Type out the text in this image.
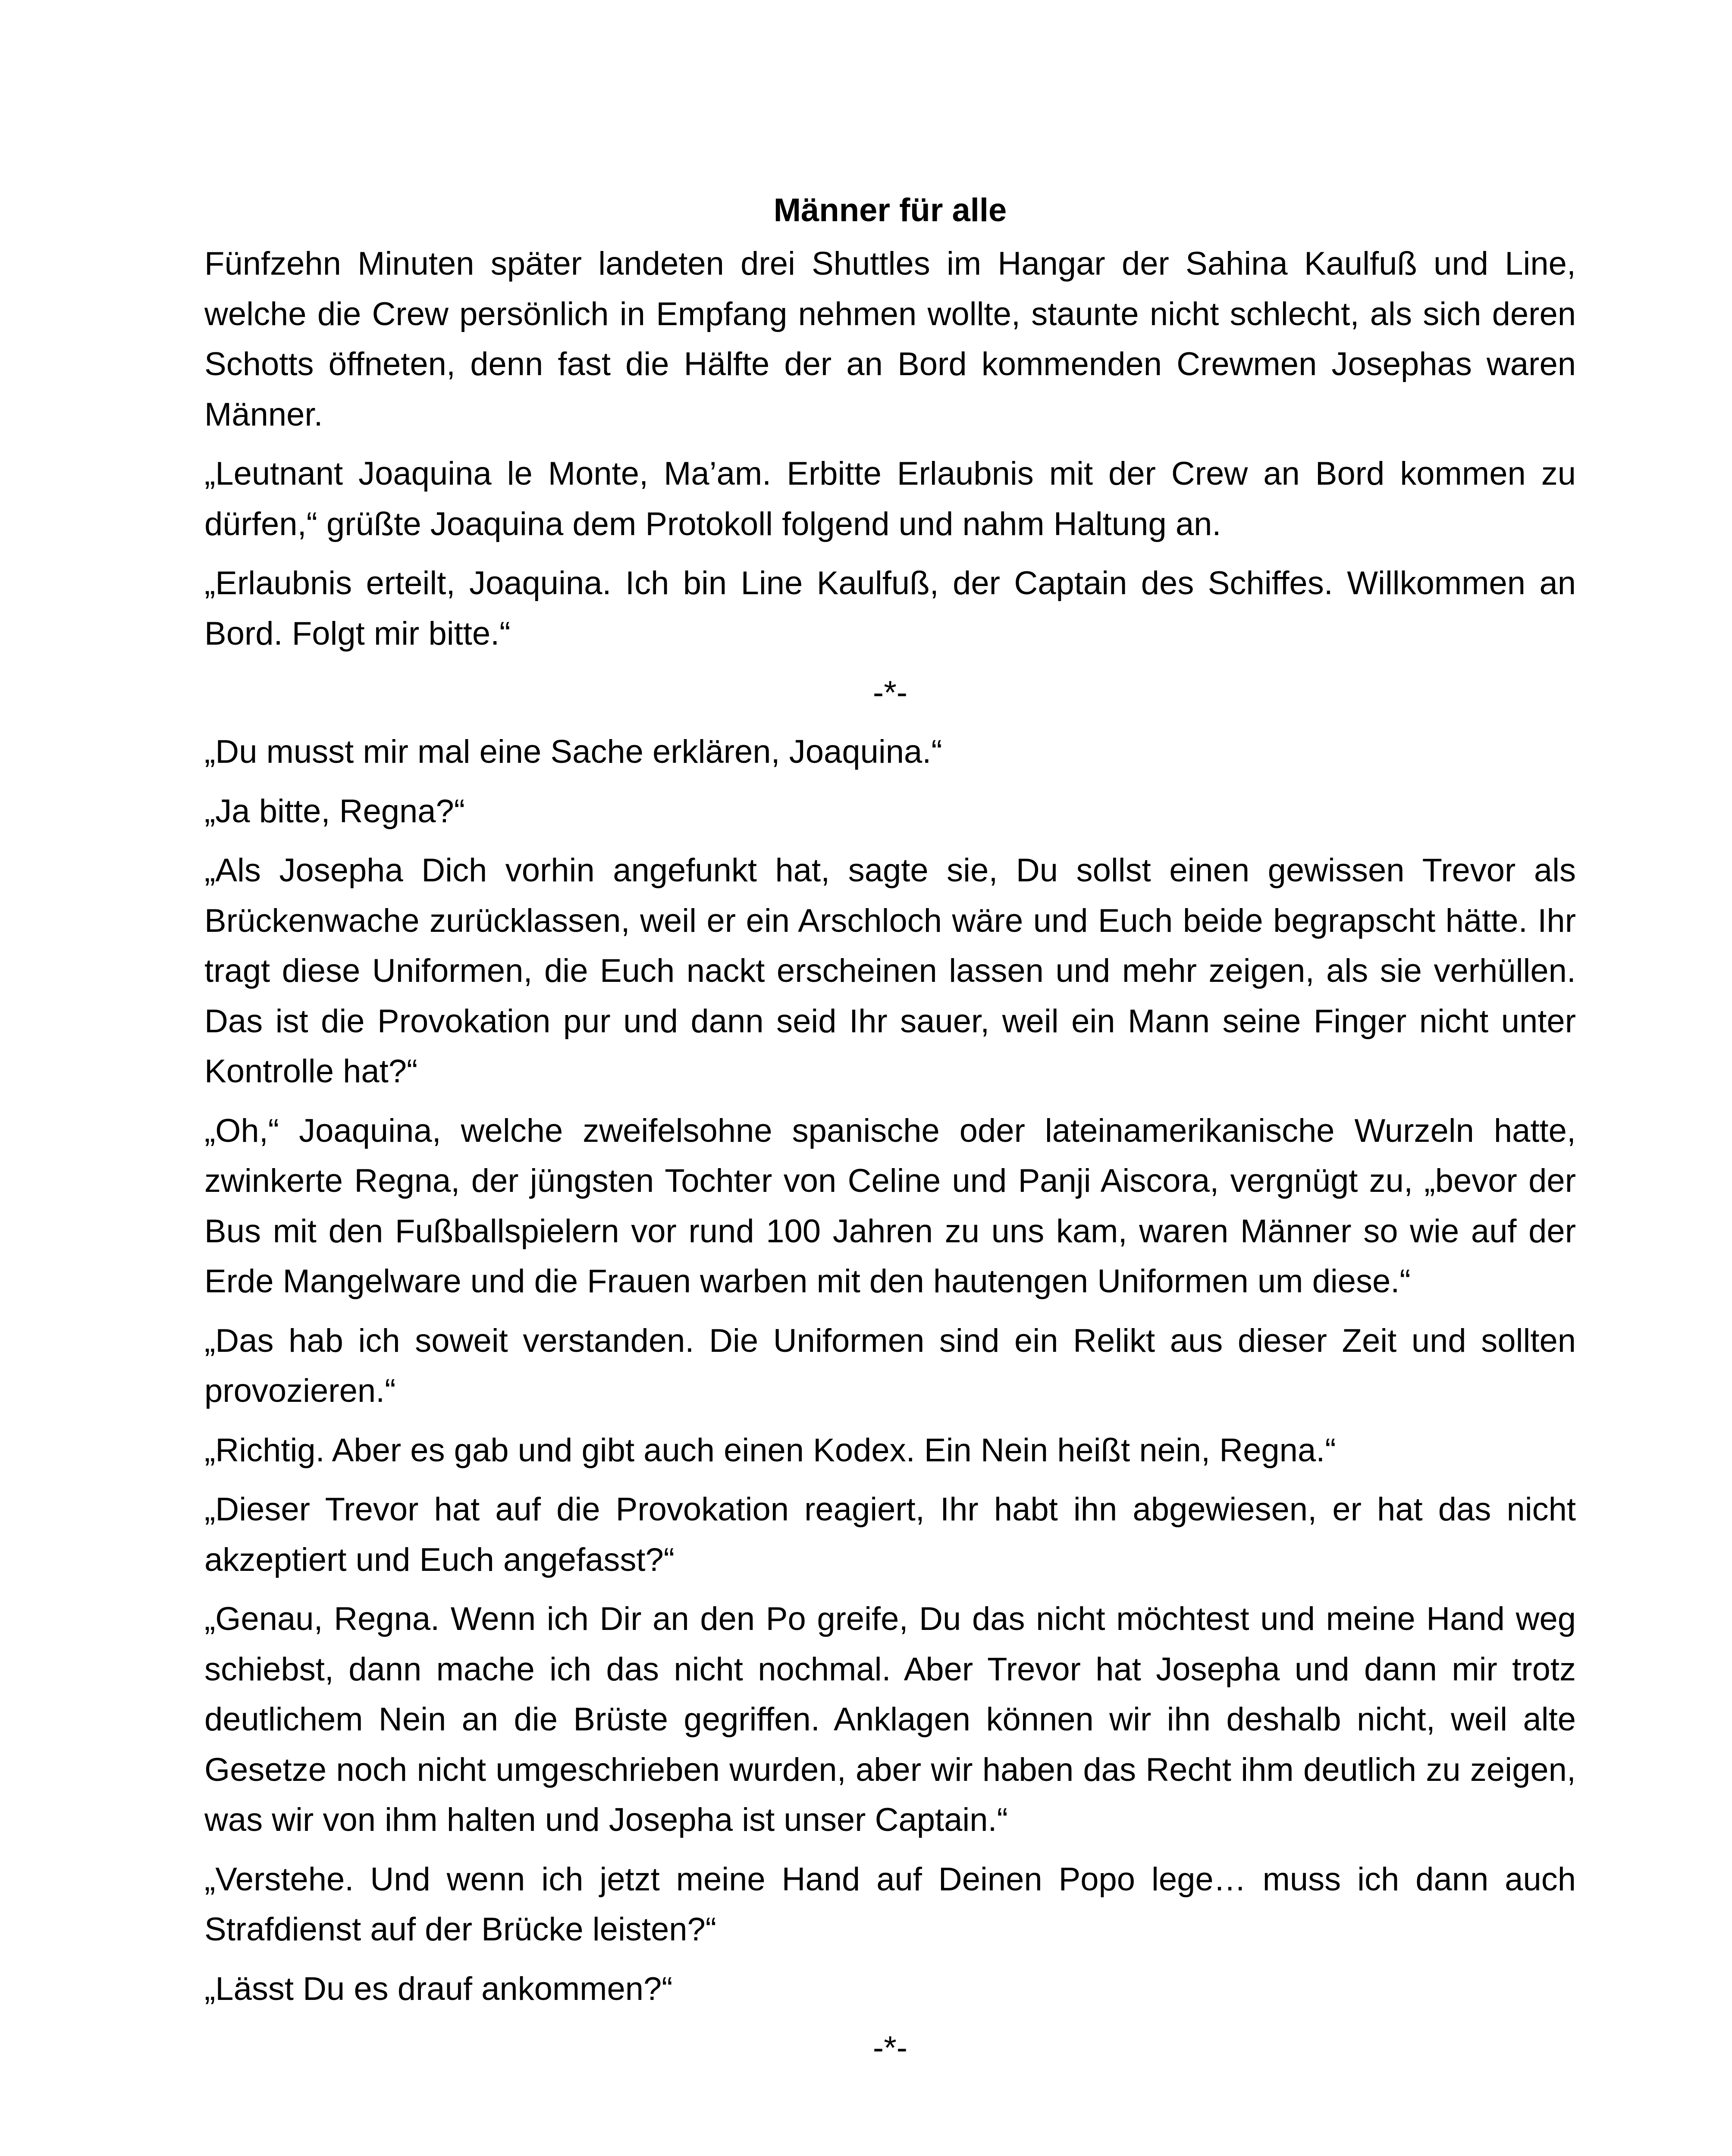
Männer für alle

Fünfzehn Minuten später landeten drei Shuttles im Hangar der Sahina Kaulfuß und Line, welche die Crew persönlich in Empfang nehmen wollte, staunte nicht schlecht, als sich deren Schotts öffneten, denn fast die Hälfte der an Bord kommenden Crewmen Josephas waren Männer.

„Leutnant Joaquina le Monte, Ma’am. Erbitte Erlaubnis mit der Crew an Bord kommen zu dürfen,“ grüßte Joaquina dem Protokoll folgend und nahm Haltung an.

„Erlaubnis erteilt, Joaquina. Ich bin Line Kaulfuß, der Captain des Schiffes. Willkommen an Bord. Folgt mir bitte.“

-*-

„Du musst mir mal eine Sache erklären, Joaquina.“

„Ja bitte, Regna?“

„Als Josepha Dich vorhin angefunkt hat, sagte sie, Du sollst einen gewissen Trevor als Brückenwache zurücklassen, weil er ein Arschloch wäre und Euch beide begrapscht hätte. Ihr tragt diese Uniformen, die Euch nackt erscheinen lassen und mehr zeigen, als sie verhüllen. Das ist die Provokation pur und dann seid Ihr sauer, weil ein Mann seine Finger nicht unter Kontrolle hat?“

„Oh,“ Joaquina, welche zweifelsohne spanische oder lateinamerikanische Wurzeln hatte, zwinkerte Regna, der jüngsten Tochter von Celine und Panji Aiscora, vergnügt zu, „bevor der Bus mit den Fußballspielern vor rund 100 Jahren zu uns kam, waren Männer so wie auf der Erde Mangelware und die Frauen warben mit den hautengen Uniformen um diese.“

„Das hab ich soweit verstanden. Die Uniformen sind ein Relikt aus dieser Zeit und sollten provozieren.“

„Richtig. Aber es gab und gibt auch einen Kodex. Ein Nein heißt nein, Regna.“

„Dieser Trevor hat auf die Provokation reagiert, Ihr habt ihn abgewiesen, er hat das nicht akzeptiert und Euch angefasst?“

„Genau, Regna. Wenn ich Dir an den Po greife, Du das nicht möchtest und meine Hand weg schiebst, dann mache ich das nicht nochmal. Aber Trevor hat Josepha und dann mir trotz deutlichem Nein an die Brüste gegriffen. Anklagen können wir ihn deshalb nicht, weil alte Gesetze noch nicht umgeschrieben wurden, aber wir haben das Recht ihm deutlich zu zeigen, was wir von ihm halten und Josepha ist unser Captain.“

„Verstehe. Und wenn ich jetzt meine Hand auf Deinen Popo lege… muss ich dann auch Strafdienst auf der Brücke leisten?“

„Lässt Du es drauf ankommen?“

-*-
